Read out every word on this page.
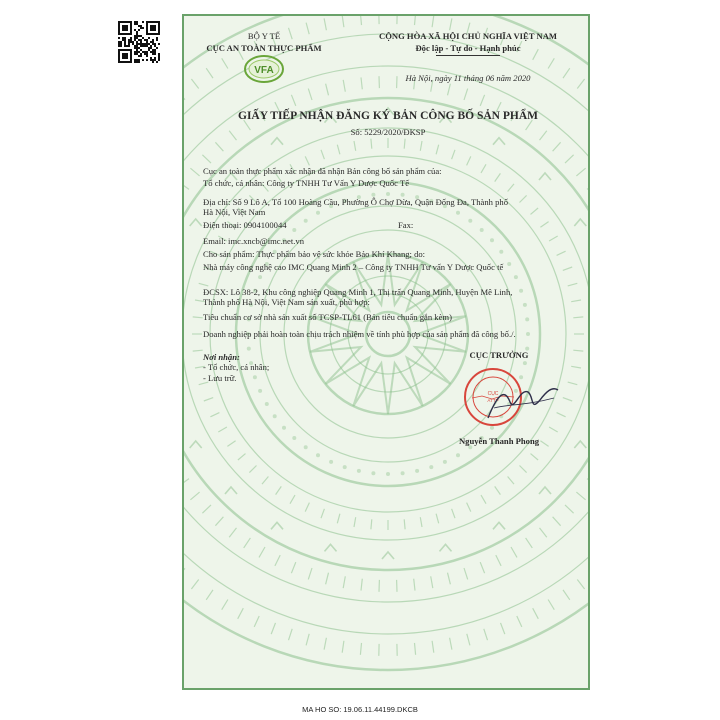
BỘ Y TẾ
CỤC AN TOÀN THỰC PHẨM
VFA
CỘNG HÒA XÃ HỘI CHỦ NGHĨA VIỆT NAM
Độc lập - Tự do - Hạnh phúc
Hà Nội, ngày 11 tháng 06 năm 2020
GIẤY TIẾP NHẬN ĐĂNG KÝ BẢN CÔNG BỐ SẢN PHẨM
Số: 5229/2020/ĐKSP
Cục an toàn thực phẩm xác nhận đã nhận Bản công bố sản phẩm của:
Tổ chức, cá nhân: Công ty TNHH Tư Vấn Y Dược Quốc Tế
Địa chỉ: Số 9 Lô A, Tổ 100 Hoàng Cầu, Phường Ô Chợ Dừa, Quận Đống Đa, Thành phố
Hà Nội, Việt Nam
Điện thoại: 0904100044	Fax:
Email: imc.xncb@imc.net.vn
Cho sản phẩm: Thực phẩm bảo vệ sức khỏe Bảo Khí Khang; do:
Nhà máy công nghệ cao IMC Quang Minh 2 – Công ty TNHH Tư vấn Y Dược Quốc tế
ĐCSX: Lô 38-2, Khu công nghiệp Quang Minh 1, Thị trấn Quang Minh, Huyện Mê Linh,
Thành phố Hà Nội, Việt Nam sản xuất, phù hợp:
Tiêu chuẩn cơ sở nhà sản xuất số TCSP-TL61 (Bản tiêu chuẩn gắn kèm)
Doanh nghiệp phải hoàn toàn chịu trách nhiệm về tính phù hợp của sản phẩm đã công bố./.
Nơi nhận:
- Tổ chức, cá nhân;
- Lưu trữ.
CỤC TRƯỞNG
CỤC
ATTP
Nguyễn Thanh Phong
MA HO SO: 19.06.11.44199.DKCB
